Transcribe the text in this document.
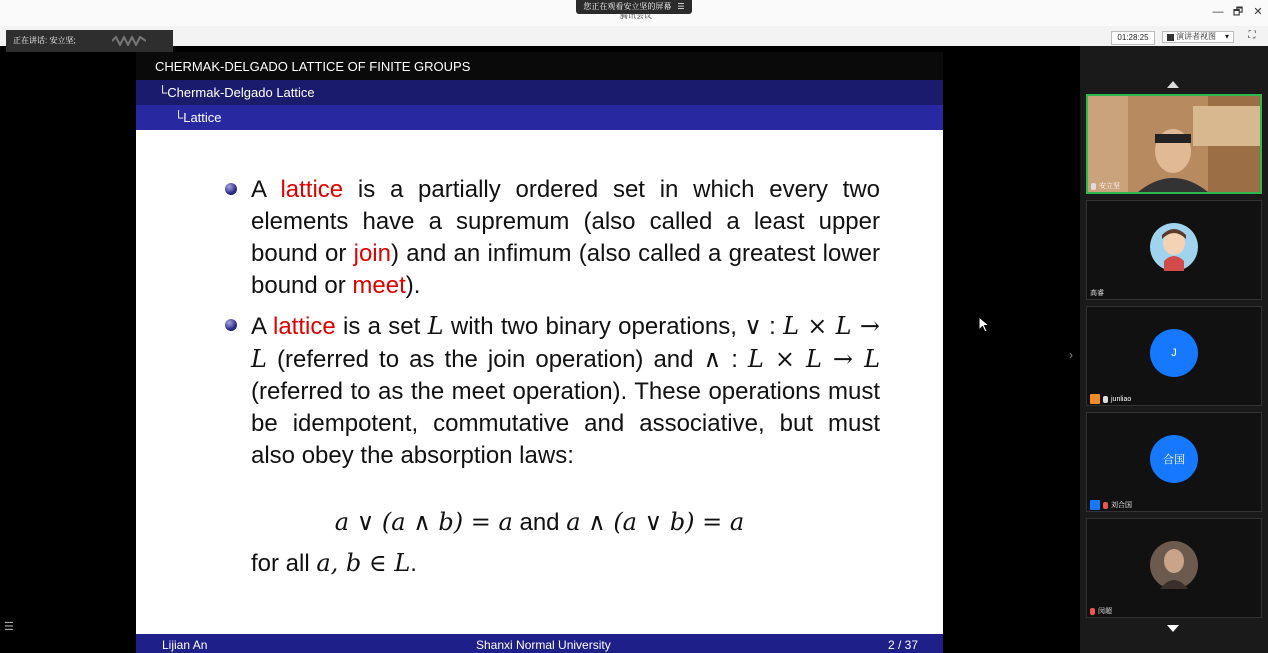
您正在观看安立坚的屏幕 ☰
腾讯会议	— 🗗 ✕
正在讲话: 安立坚;	01:28:25	演讲者视图 ▾	⛶
CHERMAK-DELGADO LATTICE OF FINITE GROUPS
└Chermak-Delgado Lattice
└Lattice
A lattice is a partially ordered set in which every two elements have a supremum (also called a least upper bound or join) and an infimum (also called a greatest lower bound or meet).
A lattice is a set L with two binary operations, ∨ : L × L → L (referred to as the join operation) and ∧ : L × L → L (referred to as the meet operation). These operations must be idempotent, commutative and associative, but must also obey the absorption laws:
a ∨ (a ∧ b) = a and a ∧ (a ∨ b) = a
for all a, b ∈ L.
Lijian An	Shanxi Normal University	2 / 37
›
☰
安立坚
高睿
J
junliao
合国
刘合国
闵超
